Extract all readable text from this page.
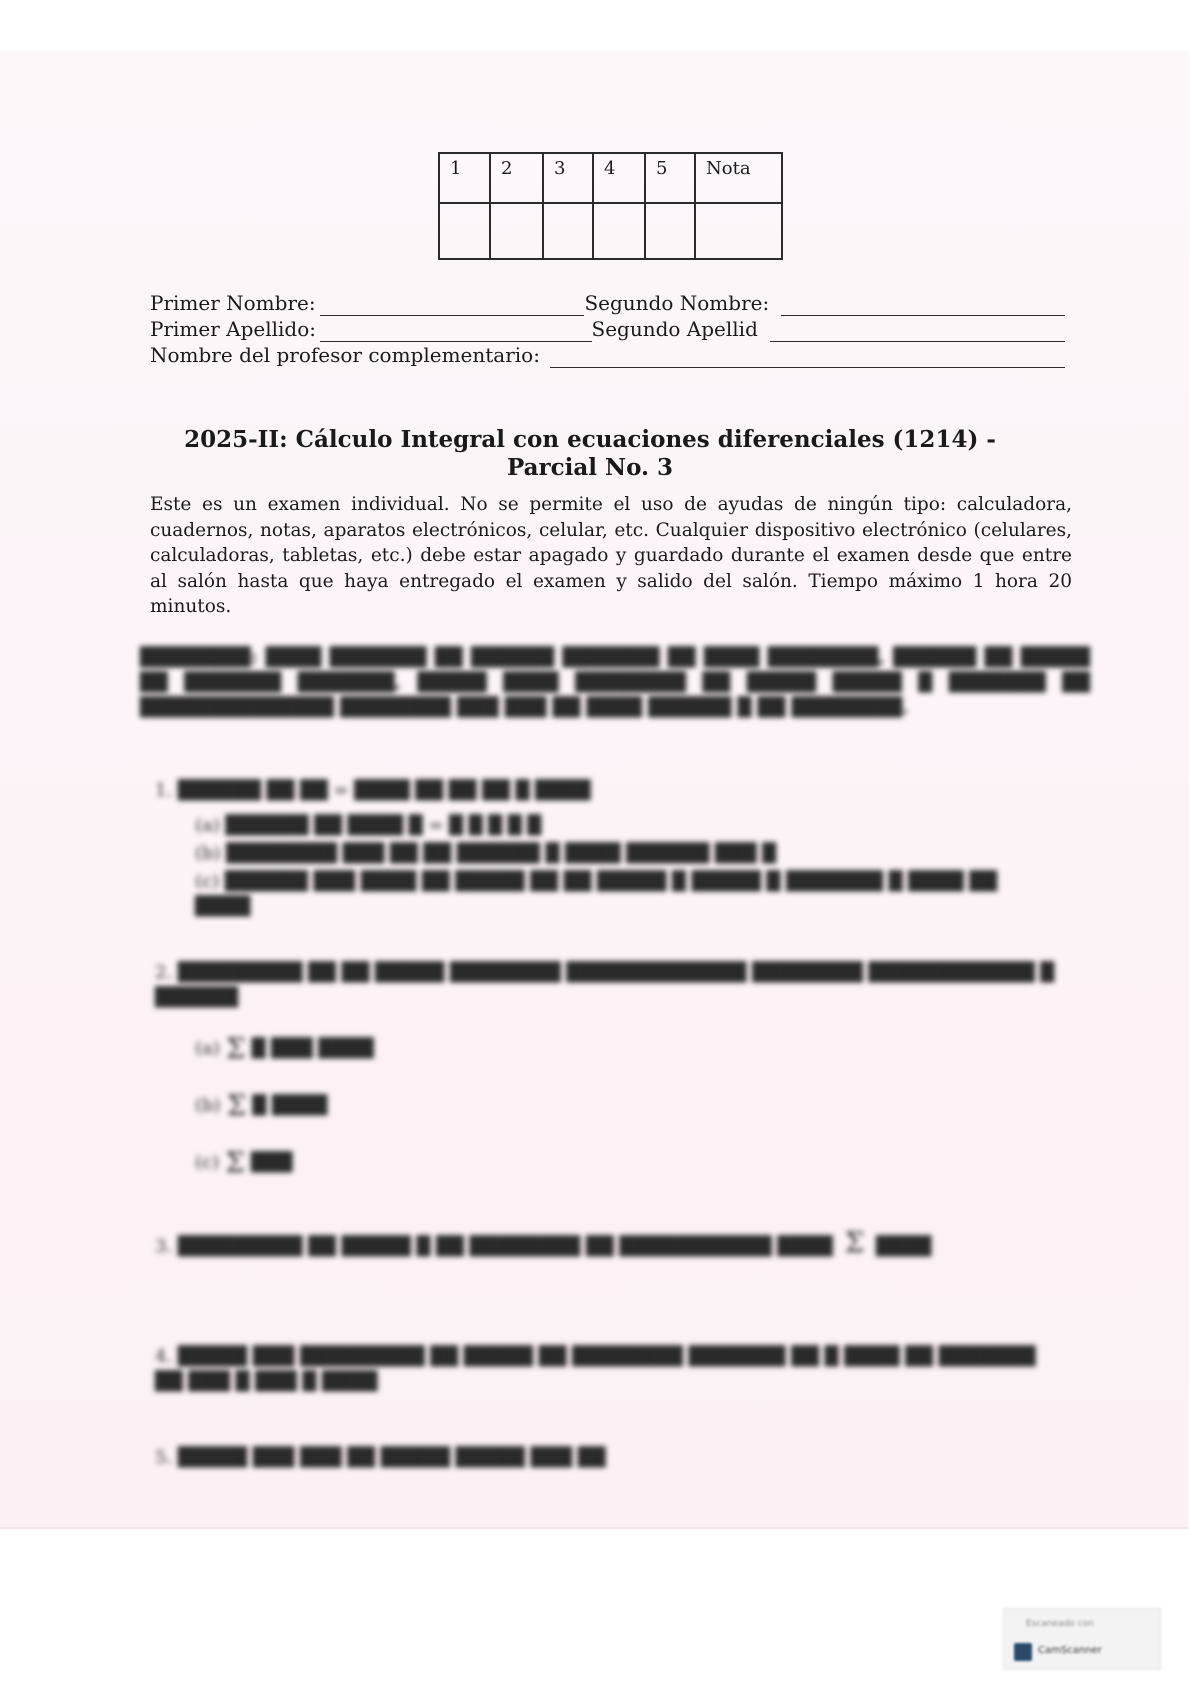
1	2	3	4	5	Nota

Primer Nombre:	Segundo Nombre:
Primer Apellido:	Segundo Apellid
Nombre del profesor complementario:
2025-II: Cálculo Integral con ecuaciones diferenciales (1214) -
Parcial No. 3
Este es un examen individual. No se permite el uso de ayudas de ningún tipo: calculadora, cuadernos, notas, aparatos electrónicos, celular, etc. Cualquier dispositivo electrónico (celulares, calculadoras, tabletas, etc.) debe estar apagado y guardado durante el examen desde que entre al salón hasta que haya entregado el examen y salido del salón. Tiempo máximo 1 hora 20 minutos.
████████: ████ ███████ ██ ██████ ███████ ██ ████ ████████, ██████ ██ █████ ██ ███████ ███████, █████ ████ ████████ ██ █████ █████ █ ███████ ██ ██████████████ ████████ ███ ███ ██ ████ ██████ █ ██ ████████.
1. ██████ ██ ██ = ████ ██ ██ ██ █ ████
(a) ██████ ██ ████ █ = █ █ █ █ █
(b) ████████ ███ ██ ██ ██████ █ ████ ██████ ███ █
(c) ██████ ███ ████ ██ █████ ██ ██ █████ █ █████ █ ███████ █ ████ ██ ████
2. █████████ ██ ██ █████ ████████ █████████████ ████████ ████████████ █ ██████
(a) Σ █ ███ ████
(b) Σ █ ████
(c) Σ ███
3. █████████ ██ █████ █ ██ ████████ ██ ███████████ ████ Σ ████
4. █████ ███ █████████ ██ █████ ██ ████████ ███████ ██ █ ████ ██ ███████ ██ ███ █ ███ █ ████
5. █████ ███ ███ ██ █████ █████ ███ ██
Escaneado con
CamScanner
